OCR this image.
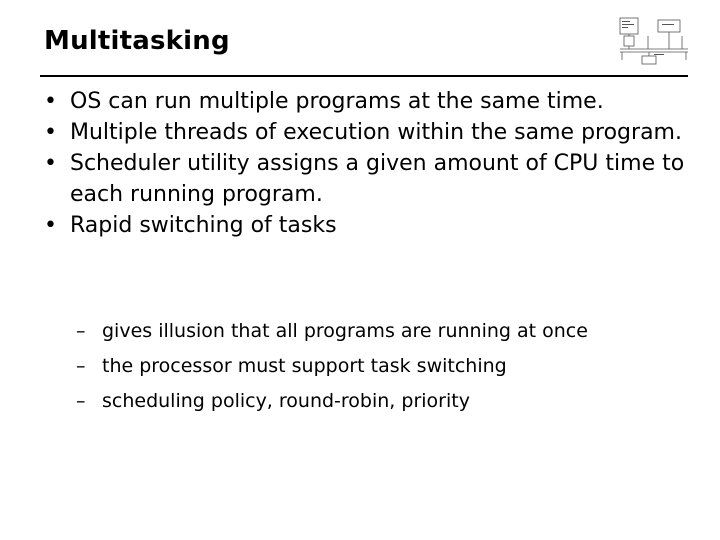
Multitasking
• OS can run multiple programs at the same time.
• Multiple threads of execution within the same program.
• Scheduler utility assigns a given amount of CPU time to each running program.
• Rapid switching of tasks
– gives illusion that all programs are running at once
– the processor must support task switching
– scheduling policy, round-robin, priority
